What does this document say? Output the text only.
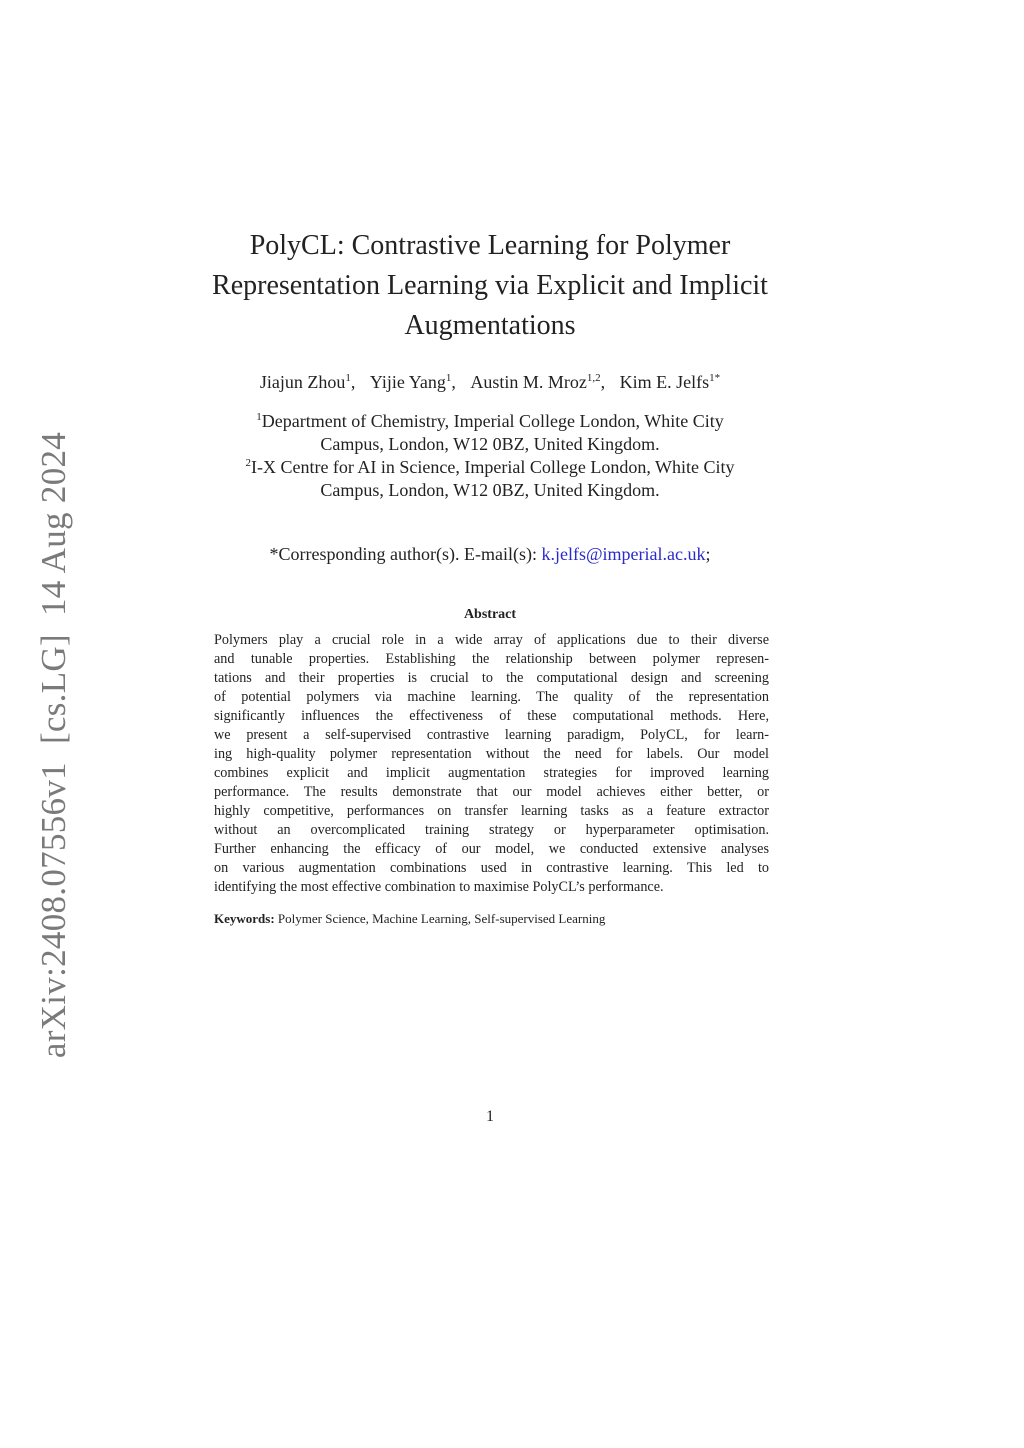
arXiv:2408.07556v1[cs.LG]14 Aug 2024
PolyCL: Contrastive Learning for Polymer
Representation Learning via Explicit and Implicit
Augmentations
Jiajun Zhou$^1$, Yijie Yang$^1$, Austin M. Mroz$^{1,2}$, Kim E. Jelfs$^{1*}$
$^1$Department of Chemistry, Imperial College London, White City
Campus, London, W12 0BZ, United Kingdom.
$^2$I-X Centre for AI in Science, Imperial College London, White City
Campus, London, W12 0BZ, United Kingdom.
*Corresponding author(s). E-mail(s): k.jelfs@imperial.ac.uk;
Abstract
Polymers play a crucial role in a wide array of applications due to their diverse
and tunable properties. Establishing the relationship between polymer represen-
tations and their properties is crucial to the computational design and screening
of potential polymers via machine learning. The quality of the representation
significantly influences the effectiveness of these computational methods. Here,
we present a self-supervised contrastive learning paradigm, PolyCL, for learn-
ing high-quality polymer representation without the need for labels. Our model
combines explicit and implicit augmentation strategies for improved learning
performance. The results demonstrate that our model achieves either better, or
highly competitive, performances on transfer learning tasks as a feature extractor
without an overcomplicated training strategy or hyperparameter optimisation.
Further enhancing the efficacy of our model, we conducted extensive analyses
on various augmentation combinations used in contrastive learning. This led to
identifying the most effective combination to maximise PolyCL’s performance.
Keywords: Polymer Science, Machine Learning, Self-supervised Learning
1
